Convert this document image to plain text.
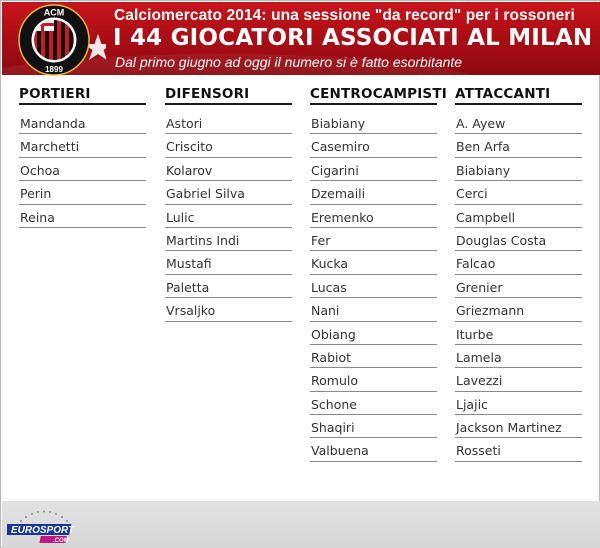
Calciomercato 2014: una sessione "da record" per i rossoneri
I 44 GIOCATORI ASSOCIATI AL MILAN
Dal primo giugno ad oggi il numero si è fatto esorbitante
ACM
1899
PORTIERI
Mandanda
Marchetti
Ochoa
Perin
Reina
DIFENSORI
Astori
Criscito
Kolarov
Gabriel Silva
Lulic
Martins Indi
Mustafi
Paletta
Vrsaljko
CENTROCAMPISTI
Biabiany
Casemiro
Cigarini
Dzemaili
Eremenko
Fer
Kucka
Lucas
Nani
Obiang
Rabiot
Romulo
Schone
Shaqiri
Valbuena
ATTACCANTI
A. Ayew
Ben Arfa
Biabiany
Cerci
Campbell
Douglas Costa
Falcao
Grenier
Griezmann
Iturbe
Lamela
Lavezzi
Ljajic
Jackson Martinez
Rosseti
EUROSPORT
.COM
